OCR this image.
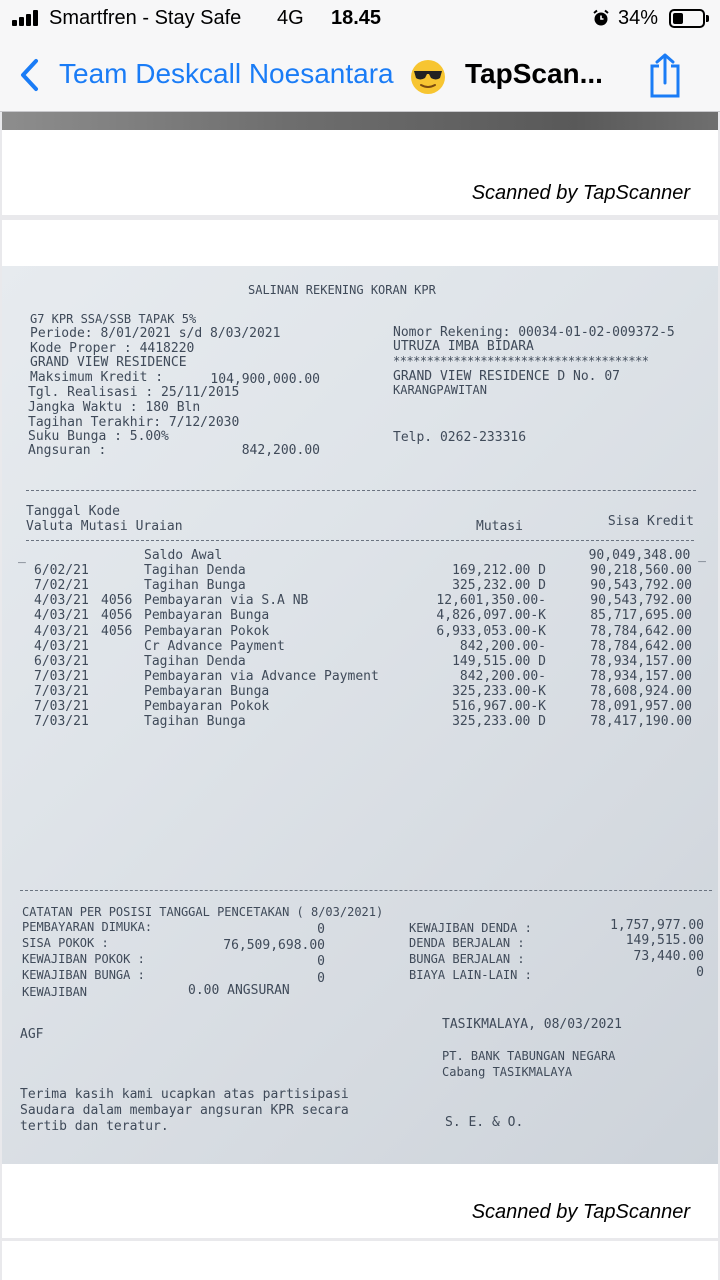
Smartfren - Stay Safe 4G 18.45	34%
Team Deskcall Noesantara	TapScan...
Scanned by TapScanner
SALINAN REKENING KORAN KPR
G7 KPR SSA/SSB TAPAK 5%
Periode: 8/01/2021 s/d 8/03/2021
Kode Proper : 4418220
GRAND VIEW RESIDENCE
Maksimum Kredit :	104,900,000.00
Tgl. Realisasi : 25/11/2015
Jangka Waktu : 180 Bln
Tagihan Terakhir: 7/12/2030
Suku Bunga : 5.00%
Angsuran :	842,200.00
Nomor Rekening: 00034-01-02-009372-5
UTRUZA IMBA BIDARA
**************************************
GRAND VIEW RESIDENCE D No. 07
KARANGPAWITAN
Telp. 0262-233316
Tanggal Kode
Valuta Mutasi Uraian	Mutasi	Sisa Kredit
_	Saldo Awal	90,049,348.00 _
6/02/21	Tagihan Denda	169,212.00 D	90,218,560.00
7/02/21	Tagihan Bunga	325,232.00 D	90,543,792.00
4/03/21 4056 Pembayaran via S.A NB	12,601,350.00-	90,543,792.00
4/03/21 4056 Pembayaran Bunga	4,826,097.00-K	85,717,695.00
4/03/21 4056 Pembayaran Pokok	6,933,053.00-K	78,784,642.00
4/03/21	Cr Advance Payment	842,200.00-	78,784,642.00
6/03/21	Tagihan Denda	149,515.00 D	78,934,157.00
7/03/21	Pembayaran via Advance Payment	842,200.00-	78,934,157.00
7/03/21	Pembayaran Bunga	325,233.00-K	78,608,924.00
7/03/21	Pembayaran Pokok	516,967.00-K	78,091,957.00
7/03/21	Tagihan Bunga	325,233.00 D	78,417,190.00
CATATAN PER POSISI TANGGAL PENCETAKAN ( 8/03/2021)
PEMBAYARAN DIMUKA:	0
SISA POKOK :	76,509,698.00
KEWAJIBAN POKOK :	0
KEWAJIBAN BUNGA :	0
KEWAJIBAN	0.00 ANGSURAN
KEWAJIBAN DENDA :	1,757,977.00
DENDA BERJALAN :	149,515.00
BUNGA BERJALAN :	73,440.00
BIAYA LAIN-LAIN :	0
AGF
TASIKMALAYA, 08/03/2021
PT. BANK TABUNGAN NEGARA
Cabang TASIKMALAYA
Terima kasih kami ucapkan atas partisipasi
Saudara dalam membayar angsuran KPR secara
tertib dan teratur.	S. E. & O.
Scanned by TapScanner
